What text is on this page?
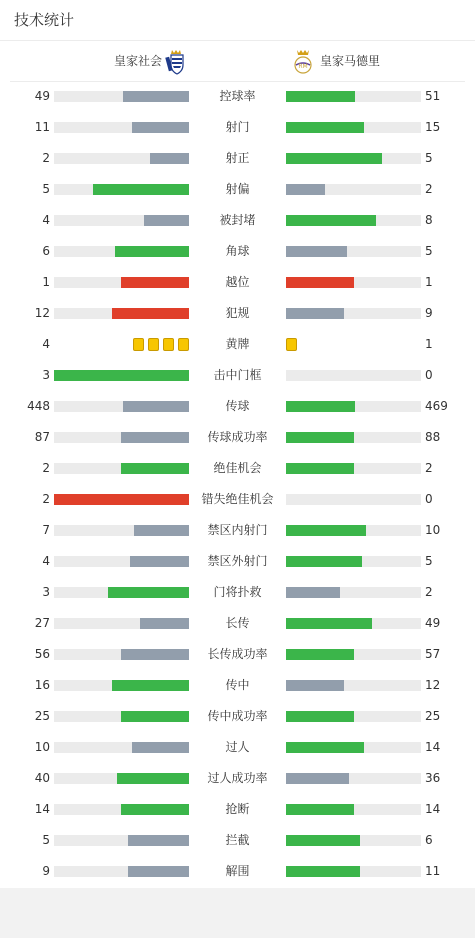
技术统计
皇家社会	皇家马德里
RM
49	控球率	51
11	射门	15
2	射正	5
5	射偏	2
4	被封堵	8
6	角球	5
1	越位	1
12	犯规	9
4	黄牌	1
3	击中门框	0
448	传球	469
87	传球成功率	88
2	绝佳机会	2
2	错失绝佳机会	0
7	禁区内射门	10
4	禁区外射门	5
3	门将扑救	2
27	长传	49
56	长传成功率	57
16	传中	12
25	传中成功率	25
10	过人	14
40	过人成功率	36
14	抢断	14
5	拦截	6
9	解围	11
